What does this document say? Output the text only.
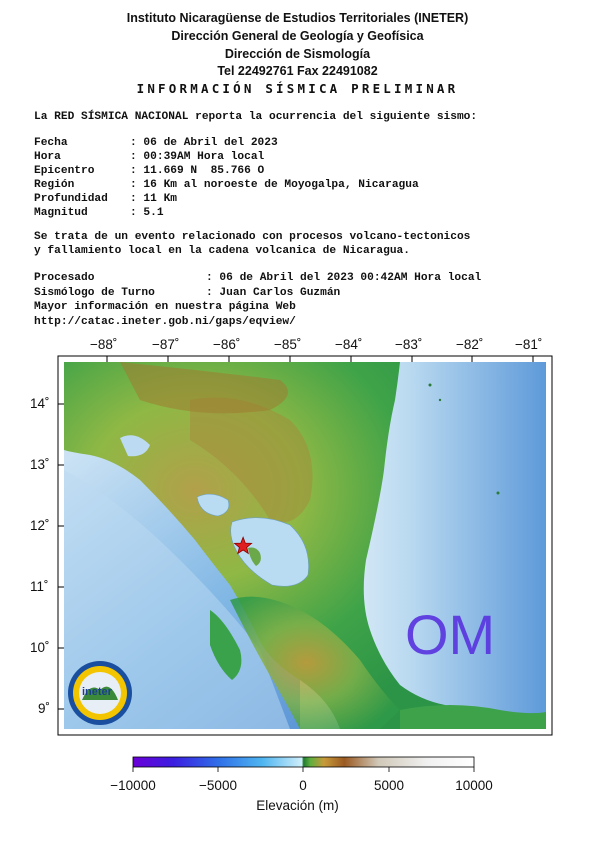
Instituto Nicaragüense de Estudios Territoriales (INETER)
Dirección General de Geología y Geofísica
Dirección de Sismología
Tel 22492761 Fax 22491082
INFORMACIÓN SÍSMICA PRELIMINAR
La RED SÍSMICA NACIONAL reporta la ocurrencia del siguiente sismo:
Fecha	: 06 de Abril del 2023
Hora	: 00:39AM Hora local
Epicentro	: 11.669 N  85.766 O
Región	: 16 Km al noroeste de Moyogalpa, Nicaragua
Profundidad : 11 Km
Magnitud	: 5.1
Se trata de un evento relacionado con procesos volcano-tectonicos
y fallamiento local en la cadena volcanica de Nicaragua.
Procesado	: 06 de Abril del 2023 00:42AM Hora local
Sismólogo de Turno	: Juan Carlos Guzmán
Mayor información en nuestra página Web
http://catac.ineter.gob.ni/gaps/eqview/
−88˚	−87˚ −86˚ −85˚ −84˚ −83˚ −82˚ −81˚
14˚
13˚
12˚
11˚
10˚
9˚
ineter
OM
−10000	−5000	0	5000	10000
Elevación (m)
